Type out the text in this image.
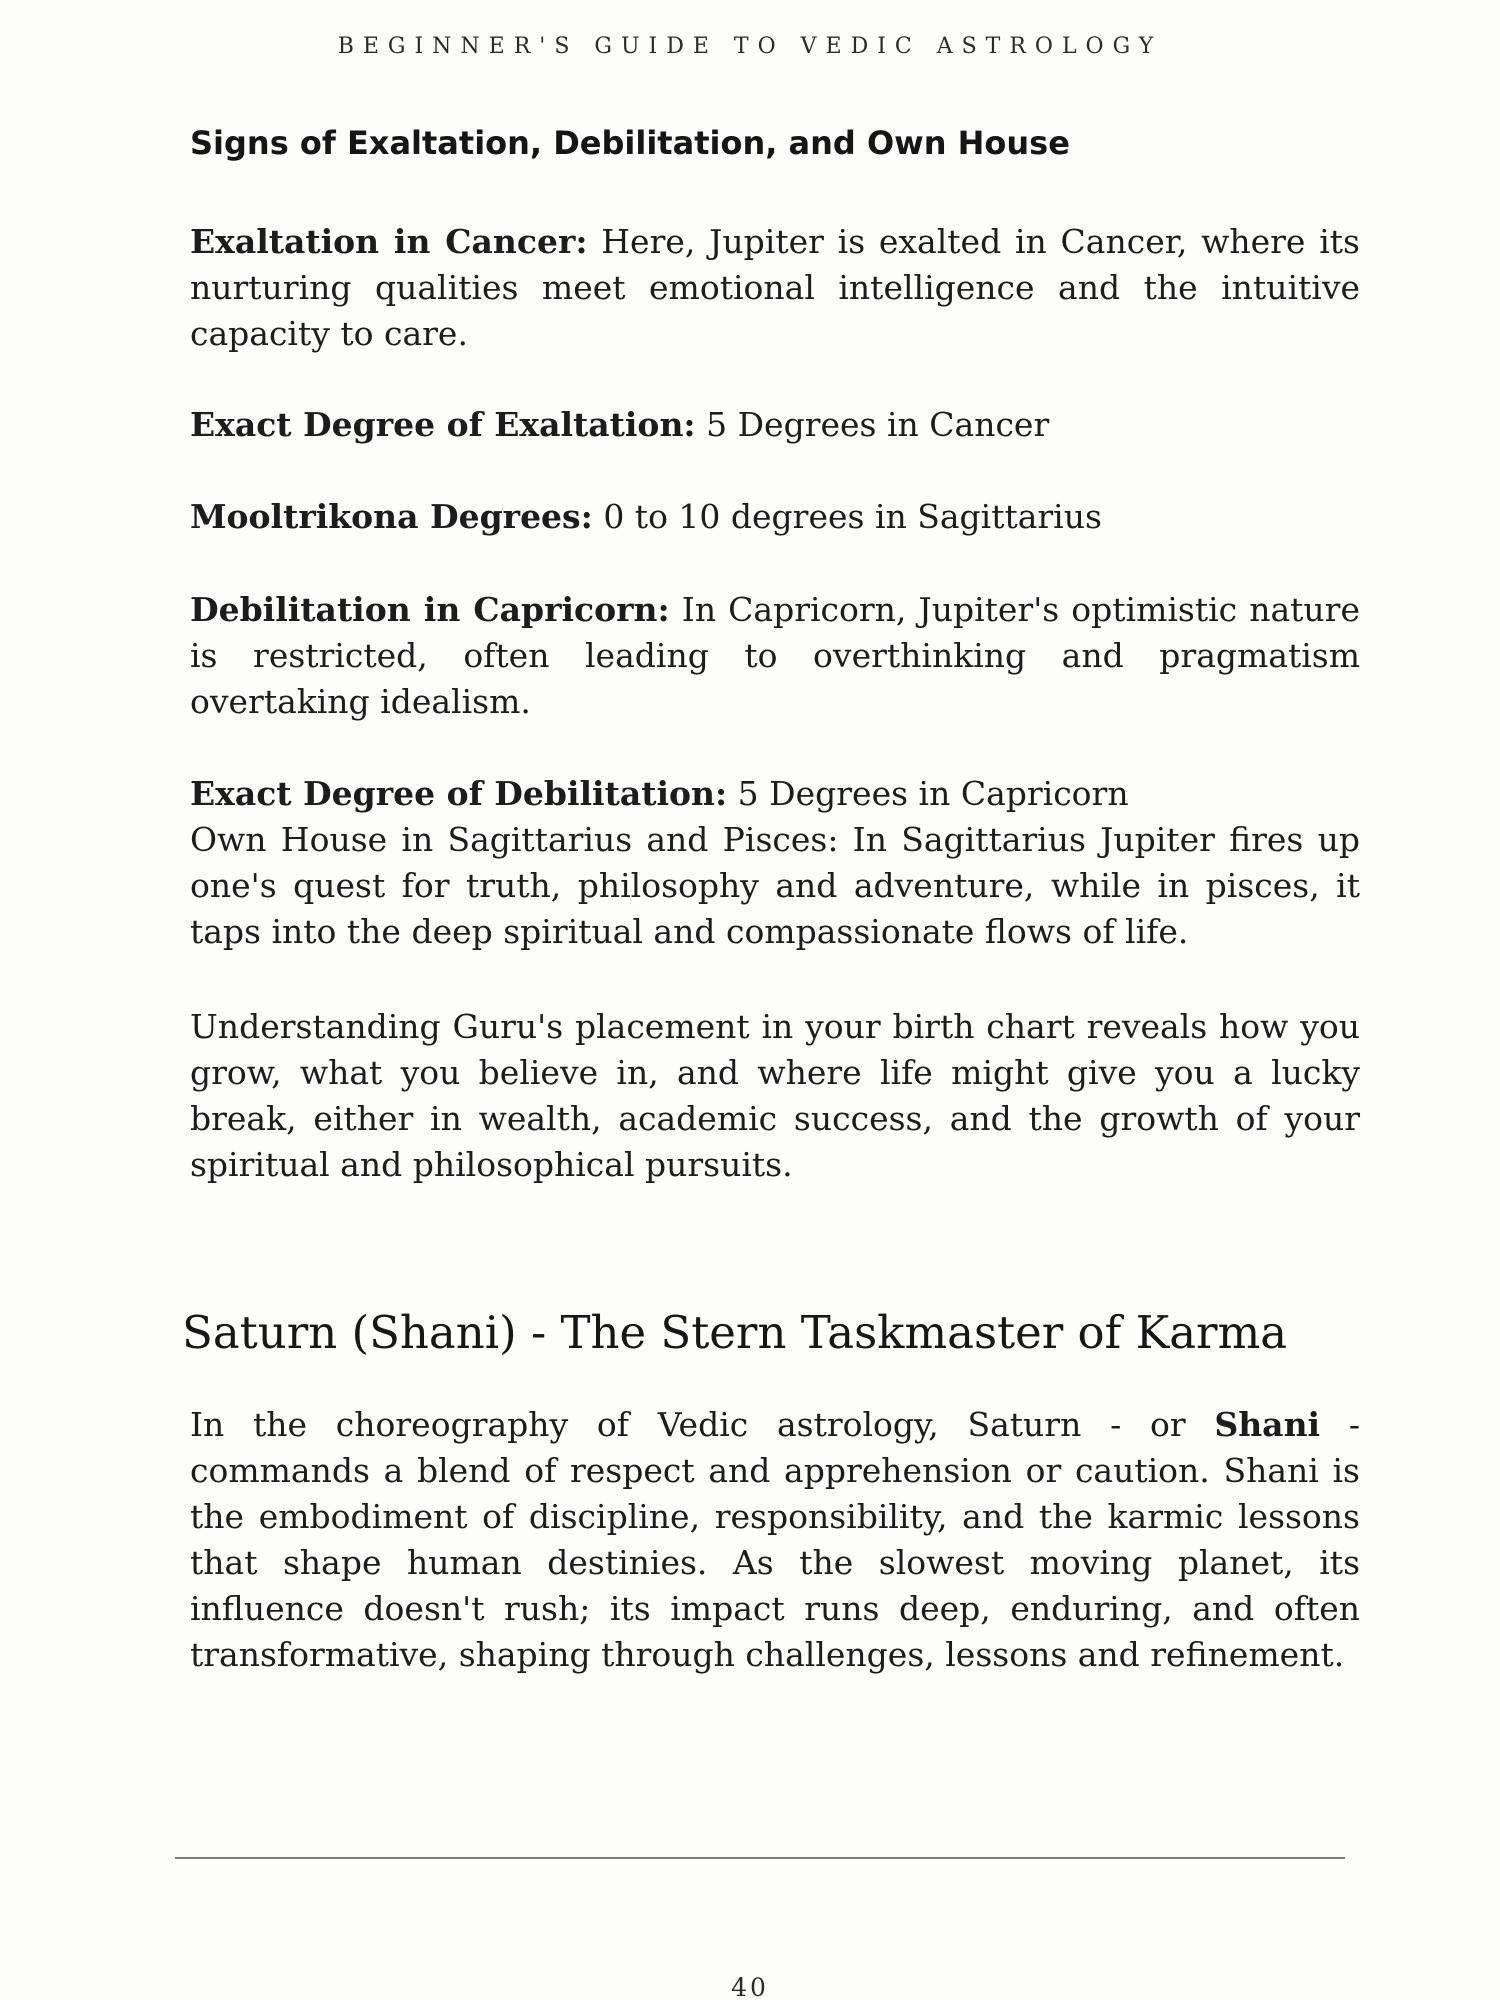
BEGINNER'S GUIDE TO VEDIC ASTROLOGY
Signs of Exaltation, Debilitation, and Own House

Exaltation in Cancer: Here, Jupiter is exalted in Cancer, where its nurturing qualities meet emotional intelligence and the intuitive capacity to care.

Exact Degree of Exaltation: 5 Degrees in Cancer

Mooltrikona Degrees: 0 to 10 degrees in Sagittarius

Debilitation in Capricorn: In Capricorn, Jupiter's optimistic nature is restricted, often leading to overthinking and pragmatism overtaking idealism.

Exact Degree of Debilitation: 5 Degrees in Capricorn

Own House in Sagittarius and Pisces: In Sagittarius Jupiter fires up one's quest for truth, philosophy and adventure, while in pisces, it taps into the deep spiritual and compassionate flows of life.

Understanding Guru's placement in your birth chart reveals how you grow, what you believe in, and where life might give you a lucky break, either in wealth, academic success, and the growth of your spiritual and philosophical pursuits.

Saturn (Shani) - The Stern Taskmaster of Karma

In the choreography of Vedic astrology, Saturn - or Shani - commands a blend of respect and apprehension or caution. Shani is the embodiment of discipline, responsibility, and the karmic lessons that shape human destinies. As the slowest moving planet, its influence doesn't rush; its impact runs deep, enduring, and often transformative, shaping through challenges, lessons and refinement.

40
